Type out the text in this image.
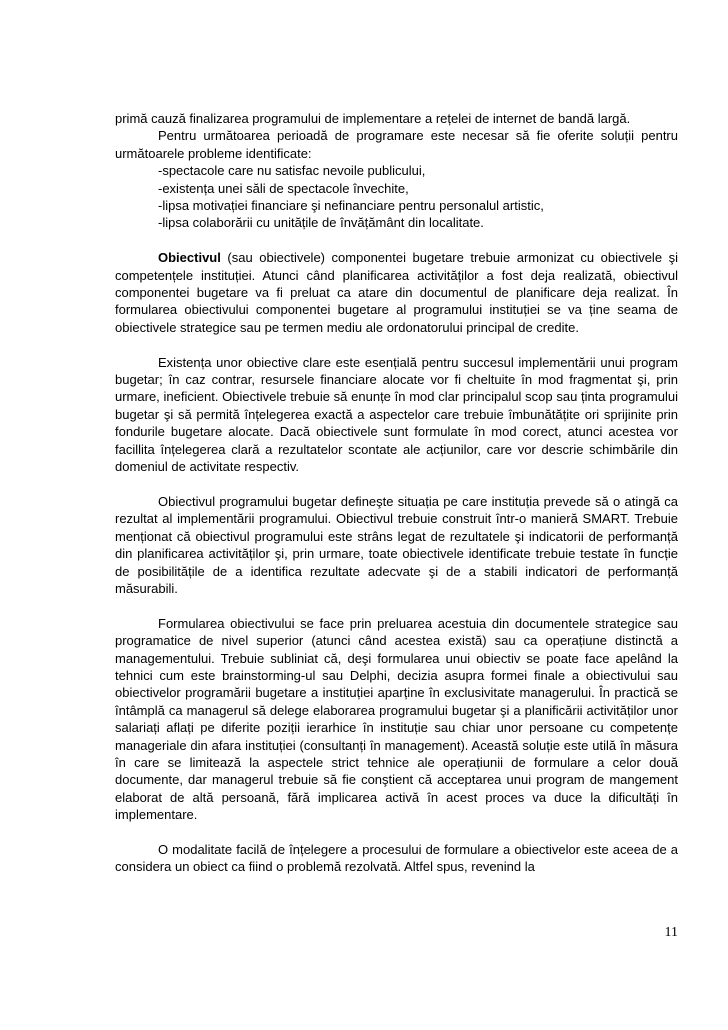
primă cauză finalizarea programului de implementare a rețelei de internet de bandă largă.

Pentru următoarea perioadă de programare este necesar să fie oferite soluții pentru următoarele probleme identificate:

-spectacole care nu satisfac nevoile publicului,

-existența unei săli de spectacole învechite,

-lipsa motivației financiare şi nefinanciare pentru personalul artistic,

-lipsa colaborării cu unitățile de învățământ din localitate.

Obiectivul (sau obiectivele) componentei bugetare trebuie armonizat cu obiectivele şi competențele instituției. Atunci când planificarea activităților a fost deja realizată, obiectivul componentei bugetare va fi preluat ca atare din documentul de planificare deja realizat. În formularea obiectivului componentei bugetare al programului instituției se va ține seama de obiectivele strategice sau pe termen mediu ale ordonatorului principal de credite.

Existența unor obiective clare este esențială pentru succesul implementării unui program bugetar; în caz contrar, resursele financiare alocate vor fi cheltuite în mod fragmentat şi, prin urmare, ineficient. Obiectivele trebuie să enunțe în mod clar principalul scop sau ținta programului bugetar şi să permită înțelegerea exactă a aspectelor care trebuie îmbunătățite ori sprijinite prin fondurile bugetare alocate. Dacă obiectivele sunt formulate în mod corect, atunci acestea vor facillita înțelegerea clară a rezultatelor scontate ale acțiunilor, care vor descrie schimbările din domeniul de activitate respectiv.

Obiectivul programului bugetar defineşte situația pe care instituția prevede să o atingă ca rezultat al implementării programului. Obiectivul trebuie construit într-o manieră SMART. Trebuie menționat că obiectivul programului este strâns legat de rezultatele şi indicatorii de performanță din planificarea activităților şi, prin urmare, toate obiectivele identificate trebuie testate în funcție de posibilitățile de a identifica rezultate adecvate şi de a stabili indicatori de performanță măsurabili.

Formularea obiectivului se face prin preluarea acestuia din documentele strategice sau programatice de nivel superior (atunci când acestea există) sau ca operațiune distinctă a managementului. Trebuie subliniat că, deşi formularea unui obiectiv se poate face apelând la tehnici cum este brainstorming-ul sau Delphi, decizia asupra formei finale a obiectivului sau obiectivelor programării bugetare a instituției aparține în exclusivitate managerului. În practică se întâmplă ca managerul să delege elaborarea programului bugetar şi a planificării activităților unor salariați aflați pe diferite poziții ierarhice în instituție sau chiar unor persoane cu competențe manageriale din afara instituției (consultanți în management). Această soluție este utilă în măsura în care se limitează la aspectele strict tehnice ale operațiunii de formulare a celor două documente, dar managerul trebuie să fie conştient că acceptarea unui program de mangement elaborat de altă persoană, fără implicarea activă în acest proces va duce la dificultăți în implementare.

O modalitate facilă de înțelegere a procesului de formulare a obiectivelor este aceea de a considera un obiect ca fiind o problemă rezolvată. Altfel spus, revenind la

11
